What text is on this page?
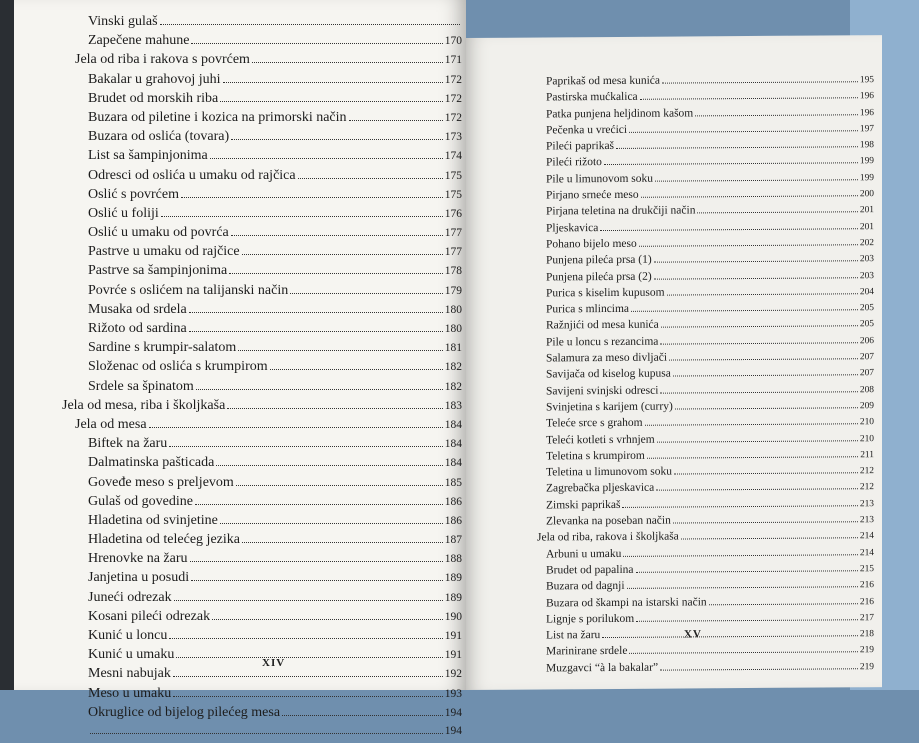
Vinski gulaš
Zapečene mahune	170
Jela od riba i rakova s povrćem	171
Bakalar u grahovoj juhi	172
Brudet od morskih riba	172
Buzara od piletine i kozica na primorski način	172
Buzara od oslića (tovara)	173
List sa šampinjonima	174
Odresci od oslića u umaku od rajčica	175
Oslić s povrćem	175
Oslić u foliji	176
Oslić u umaku od povrća	177
Pastrve u umaku od rajčice	177
Pastrve sa šampinjonima	178
Povrće s oslićem na talijanski način	179
Musaka od srdela	180
Rižoto od sardina	180
Sardine s krumpir-salatom	181
Složenac od oslića s krumpirom	182
Srdele sa špinatom	182
Jela od mesa, riba i školjkaša	183
Jela od mesa	184
Biftek na žaru	184
Dalmatinska pašticada	184
Goveđe meso s preljevom	185
Gulaš od govedine	186
Hladetina od svinjetine	186
Hladetina od telećeg jezika	187
Hrenovke na žaru	188
Janjetina u posudi	189
Juneći odrezak	189
Kosani pileći odrezak	190
Kunić u loncu	191
Kunić u umaku	191
Mesni nabujak	192
Meso u umaku	193
Okruglice od bijelog pilećeg mesa	194
194
XIV
Paprikaš od mesa kunića	195
Pastirska mućkalica	196
Patka punjena heljdinom kašom	196
Pečenka u vrećici	197
Pileći paprikaš	198
Pileći rižoto	199
Pile u limunovom soku	199
Pirjano srneće meso	200
Pirjana teletina na drukčiji način	201
Pljeskavica	201
Pohano bijelo meso	202
Punjena pileća prsa (1)	203
Punjena pileća prsa (2)	203
Purica s kiselim kupusom	204
Purica s mlincima	205
Ražnjići od mesa kunića	205
Pile u loncu s rezancima	206
Salamura za meso divljači	207
Savijača od kiselog kupusa	207
Savijeni svinjski odresci	208
Svinjetina s karijem (curry)	209
Teleće srce s grahom	210
Teleći kotleti s vrhnjem	210
Teletina s krumpirom	211
Teletina u limunovom soku	212
Zagrebačka pljeskavica	212
Zimski paprikaš	213
Zlevanka na poseban način	213
Jela od riba, rakova i školjkaša	214
Arbuni u umaku	214
Brudet od papalina	215
Buzara od dagnji	216
Buzara od škampi na istarski način	216
Lignje s porilukom	217
List na žaru	218
Marinirane srdele	219
Muzgavci “à la bakalar”	219
XV
